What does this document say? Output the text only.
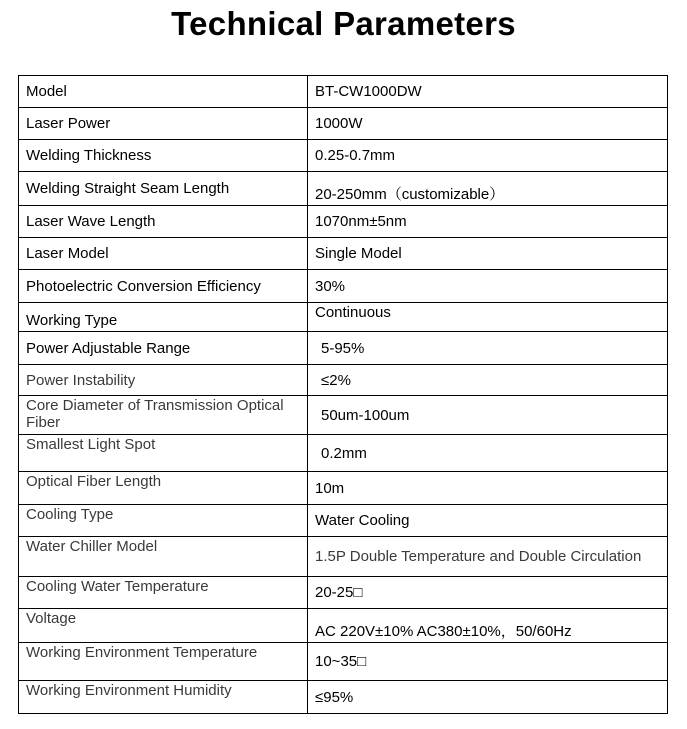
Technical Parameters
Model	BT-CW1000DW
Laser Power	1000W
Welding Thickness	0.25-0.7mm
Welding Straight Seam Length	20-250mm（customizable）
Laser Wave Length	1070nm±5nm
Laser Model	Single Model
Photoelectric Conversion Efficiency	30%
Working Type	Continuous
Power Adjustable Range	5-95%
Power Instability	≤2%
Core Diameter of Transmission Optical Fiber	50um-100um
Smallest Light Spot	0.2mm
Optical Fiber Length	10m
Cooling Type	Water Cooling
Water Chiller Model	1.5P Double Temperature and Double Circulation
Cooling Water Temperature	20-25□
Voltage	AC 220V±10% AC380±10%，50/60Hz
Working Environment Temperature	10~35□
Working Environment Humidity	≤95%
